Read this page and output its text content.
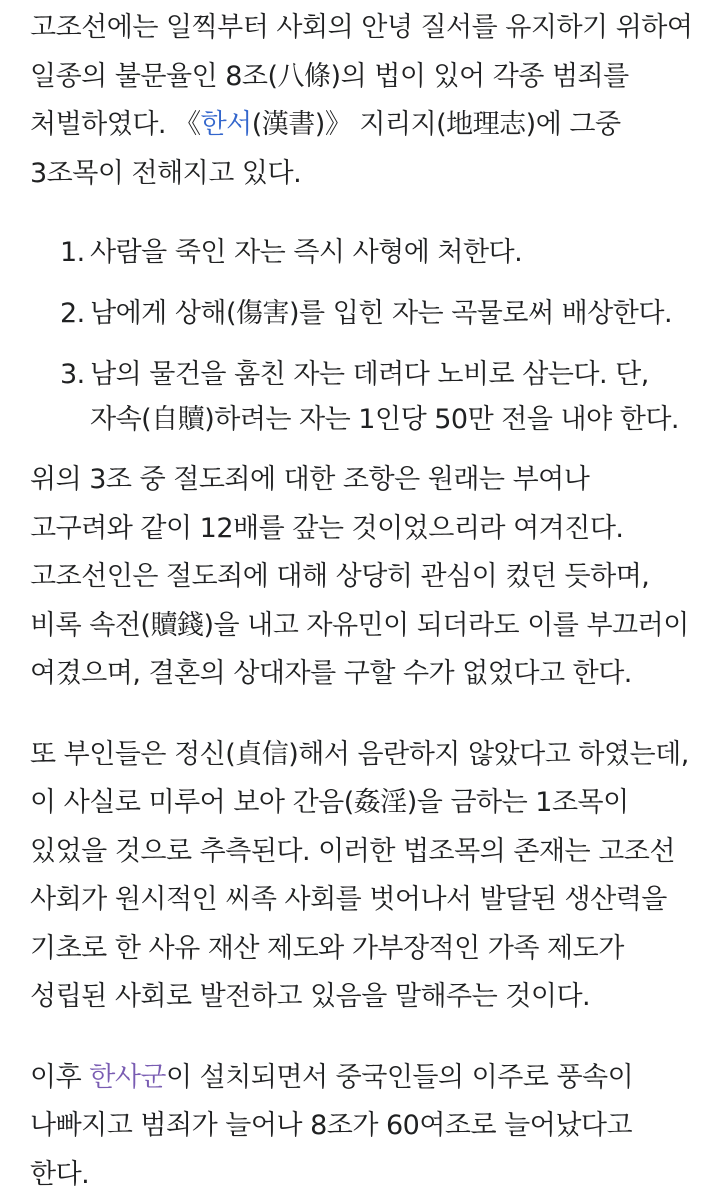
고조선에는 일찍부터 사회의 안녕 질서를 유지하기 위하여 일종의 불문율인 8조(八條)의 법이 있어 각종 범죄를 처벌하였다. 《한서(漢書)》 지리지(地理志)에 그중 3조목이 전해지고 있다.

1. 사람을 죽인 자는 즉시 사형에 처한다.
2. 남에게 상해(傷害)를 입힌 자는 곡물로써 배상한다.
3. 남의 물건을 훔친 자는 데려다 노비로 삼는다. 단, 자속(自贖)하려는 자는 1인당 50만 전을 내야 한다.

위의 3조 중 절도죄에 대한 조항은 원래는 부여나 고구려와 같이 12배를 갚는 것이었으리라 여겨진다. 고조선인은 절도죄에 대해 상당히 관심이 컸던 듯하며, 비록 속전(贖錢)을 내고 자유민이 되더라도 이를 부끄러이 여겼으며, 결혼의 상대자를 구할 수가 없었다고 한다.

또 부인들은 정신(貞信)해서 음란하지 않았다고 하였는데, 이 사실로 미루어 보아 간음(姦淫)을 금하는 1조목이 있었을 것으로 추측된다. 이러한 법조목의 존재는 고조선 사회가 원시적인 씨족 사회를 벗어나서 발달된 생산력을 기초로 한 사유 재산 제도와 가부장적인 가족 제도가 성립된 사회로 발전하고 있음을 말해주는 것이다.

이후 한사군이 설치되면서 중국인들의 이주로 풍속이 나빠지고 범죄가 늘어나 8조가 60여조로 늘어났다고 한다.
